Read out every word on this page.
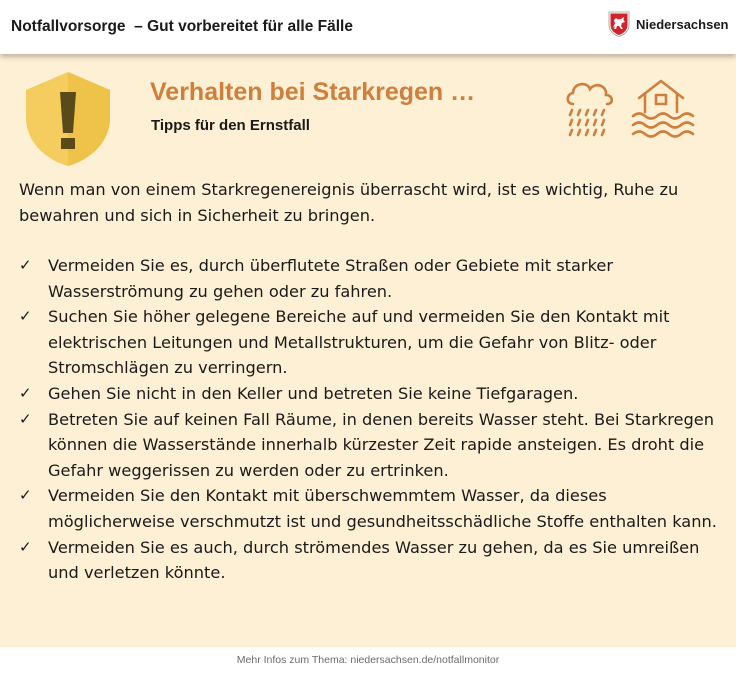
Notfallvorsorge  – Gut vorbereitet für alle Fälle	Niedersachsen
Verhalten bei Starkregen …
Tipps für den Ernstfall

Wenn man von einem Starkregenereignis überrascht wird, ist es wichtig, Ruhe zu bewahren und sich in Sicherheit zu bringen.

✓ Vermeiden Sie es, durch überflutete Straßen oder Gebiete mit starker Wasserströmung zu gehen oder zu fahren.
✓ Suchen Sie höher gelegene Bereiche auf und vermeiden Sie den Kontakt mit elektrischen Leitungen und Metallstrukturen, um die Gefahr von Blitz- oder Stromschlägen zu verringern.
✓ Gehen Sie nicht in den Keller und betreten Sie keine Tiefgaragen.
✓ Betreten Sie auf keinen Fall Räume, in denen bereits Wasser steht. Bei Starkregen können die Wasserstände innerhalb kürzester Zeit rapide ansteigen. Es droht die Gefahr weggerissen zu werden oder zu ertrinken.
✓ Vermeiden Sie den Kontakt mit überschwemmtem Wasser, da dieses möglicherweise verschmutzt ist und gesundheitsschädliche Stoffe enthalten kann.
✓ Vermeiden Sie es auch, durch strömendes Wasser zu gehen, da es Sie umreißen und verletzen könnte.
Mehr Infos zum Thema: niedersachsen.de/notfallmonitor
